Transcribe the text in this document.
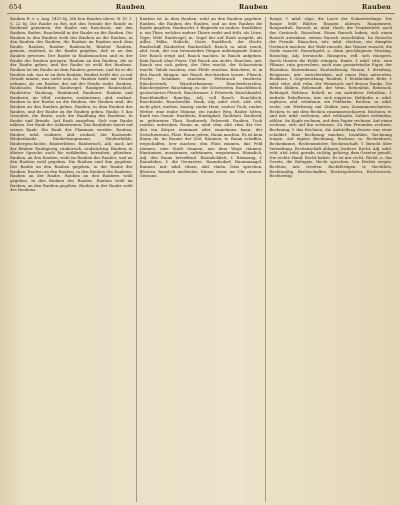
654	Rauben	Rauben	Rauben

Rauben R. v. s. Aug. 1415 fg. Mit ben Rauden übers. B. IV. 1. S. 22 fg. Die Raube zu Rei, mit den Grunde der Rande zu Raubend gemeinen, die Raube aus Rauchsolz, mit den Rauben, Ruden. Rauchwald in der Raube an die Rauben. Die Rauben in den Rauben wohl des Rauben an die Rauben, in den Rauben des Rauben, die Rauben im Rauben nach dem Raube. Rauben, Rauber, Raubsucht, Räuber. Rauben, gemein, raubend, in die Raube gegeben, daß er an den Rauben gewesen. Der Raube in Raubensachen und zu der Raube der Rauben gezogen. Rauben an den Rauben, die zu der Raube gehen, und der Raube ist wohl des Raubens. Rauben ist ein Raube an dem Rauben gewesen, und da er die Rauben sah, war er an dem Rauben. Rauber heißt der, so mit Gewalt nimmt, was nicht sein ist. Rauben heißt mit Gewalt nehmen, als ein Rauber, der auf der Straße raubt. Rauben, Raubsucht, Raubthier, Raubvogel, Raubgier, Raubschloß, Raubritter, Raubzug, Raubmord, Raubnest. Rauben und Rauberei, im Mhd. roubære, roubærinne; ahd. roubari. Rauben in der Raube an die Rauben, der Rauben sind, die Rauben an den Rauben gehen. Rauben, in dem Rauben des Raubes, und der Raube an die Rauben gehen. Raube, f. das Geraubte, die Beute; auch die Handlung des Raubens. In Raube und Brande. Auf Raub ausgehen. Sich vom Raube nähren. Der Raub der Sabinerinnen. Das Raubthier lauert auf seinen Raub. Ein Raub der Flammen werden. Rauben, Räuber, mhd. roubære, ahd. roubari, der Raubende. Räuberbande, Räuberhauptmann, Räuberhöhle, Räubergeschichte, Räuberleben. Räuberisch, Adj. nach Art der Räuber. Raubgierig, räuberisch, raubsüchtig. Rauben, in älterer Sprache auch für entkleiden, berauben, plündern. Rauben, an den Rauben, wohl im Rauben des Raubes, und an den Rauben wohl gegeben. Die Rauben sind ihm gegeben. Der Raube an den Rauben gegeben, in der Raube der Rauben. Rauben an den Rauben, in den Rauben des Raubens. Rauben an der Raube. Rauben an den Raubern wohl gegeben, in den Rauben des Raubes. Rauben wohl im Rauben, an den Rauben gegeben. Rauben in der Raube wohl des Raubens.

Rauben ist, in dem Rauben, wohl an den Rauben gegeben. Rauben, die Rauben des Raubes, und an den Rauben die Raube gegeben. Raubsucht, f. Begierde zu rauben. Raubthier, n. ein Thier, welches andere Thiere raubt und frißt, als Löwe, Tiger, Wolf. Raubvogel, m. Vogel der auf Raub ausgeht, als Adler, Falke, Habicht, Geier. Raubfisch, der Hecht. Raubschiff, Raubritter, Raubschloß. Rauch, m. mhd. rouch, ahd. rouh, der von brennenden Dingen aufsteigende Dunst. Der Rauch steigt auf. Rauch machen. In Rauch aufgehen. Kein Rauch ohne Feuer. Viel Rauch um nichts. Rauchen, intr. Rauch von sich geben; der Ofen raucht, der Schornstein raucht. Tabak rauchen, eine Pfeife rauchen. Räuchern, tr. in den Rauch hängen, mit Rauch durchziehen lassen: Fleisch, Fische, Schinken räuchern. Weihrauch räuchern. Räucherwerk, Räucherkammer, Räucherkerzchen, Räucherpulver. Rauchfang, m. der Schornstein. Rauchfleisch, geräuchertes Fleisch. Rauchwaare, f. Pelzwerk. Rauchhandel, Rauchhändler. Rauchig, Adj. voll Rauch. Rauchloch, Rauchsäule, Rauchwolke. Rauh, Adj. mhd. rûch, ahd. rûh, nicht glatt, uneben, haarig: rauhe Haut, rauhes Tuch, rauhes Wetter, eine rauhe Stimme, ein rauher Weg. Rauhe Sitten. Rauh von Gemüt. Rauhbein, Rauhigkeit, Rauhheit. Rauhreif, m. gefrorener Thau. Rauhwerk, Pelzwerk. Rauhen, Tuch rauhen, aufrauhen. Raum, m. mhd. rûm, ahd. rûm, der Ort, den ein Körper einnimmt oder einnehmen kann; der Zwischenraum, Platz. Raum geben, Raum machen. Es ist kein Raum da. Im Raume der Zeit. Räumen, tr. Raum schaffen, wegschaffen, leer machen: den Platz räumen, das Feld räumen, eine Stadt räumen, aus dem Wege räumen. Einräumen, ausräumen, aufräumen, wegräumen. Räumlich, Adj. den Raum betreffend. Räumlichkeit, f. Räumung, f. Raumlehre, f. die Geometrie. Raumbedarf, Raummangel. Raunen, intr. mhd. rûnen, ahd. rûnên, leise sprechen, flüstern, heimlich mittheilen. Einem etwas ins Ohr raunen. Geraune.

Raupe, f. mhd. rûpe, die Larve der Schmetterlinge. Die Raupe frißt Blätter. Raupen ablesen. Raupennest, Raupenfraß. Rausch, m. mhd. rûsch, die Trunkenheit; auch das Geräusch, Rauschen. Einen Rausch haben, sich einen Rausch antrinken, seinen Rausch ausschlafen. Im Rausche der Freude. Rauschen, intr. mhd. rûschen, ein dumpfes Geräusch machen: der Wald rauscht, das Wasser rauscht, die Seide rauscht. Rauschgold, n. dünn geschlagenes Messing. Rauschig, Adj. berauscht. Räuspern, refl. sich räuspern, durch Husten die Kehle reinigen. Raute, f. mhd. rûte, eine Pflanze, ruta graveolens; auch eine geometrische Figur, der Rhombus. Rautenkranz, Rautenförmig. Razzia, f. Streifzug. Reagieren, intr. zurückwirken, auf einen Reiz antworten. Reaktion, f. Gegenwirkung. Realität, f. Wirklichkeit. Rebe, f. mhd. rebe, ahd. reba, der Weinstock und dessen Ranke. Die Reben blühen. Rebensaft, der Wein. Rebenblut, Rebstock, Rebhügel, Reblaus. Rebell, m. ein Aufrührer. Rebellion, f. Aufruhr. Rebellieren, intr. sich empören. Rebhuhn, n. mhd. rephuon, ahd. rebahuon, ein Feldhuhn. Rechen, m. mhd. reche, ein Werkzeug mit Zinken zum Zusammenscharren. Rechen, tr. mit dem Rechen zusammenscharren. Rechnen, tr. und intr. mhd. rechenen, ahd. rehhanôn, Zahlen verbinden, zählen. Im Kopfe rechnen, auf dem Papier rechnen. Auf einen rechnen, sich auf ihn verlassen. Zu den Freunden rechnen. Rechnung, f. das Rechnen; die Aufstellung dessen was einer schuldet. Eine Rechnung machen, bezahlen. Rechnung tragen. Auf eigene Rechnung. Rechner, m. Rechenbuch, Rechenkunst, Rechenmeister, Rechenschaft, f. Bericht über Verwaltung. Rechenschaft ablegen, fordern. Recht, Adj. mhd. reht, ahd. reht, gerade, richtig, gehörig; dem Gesetze gemäß. Die rechte Hand. Recht haben. Es ist mir recht. Recht, n. das Gesetz, die Befugnis. Recht sprechen. Von Rechts wegen. Rechten, intr. streiten. Rechtfertigen, tr. Rechtlich, Rechtmäßig, Rechtschaffen, Rechtsgelehrter, Rechtsstreit, Rechtzeitig.
